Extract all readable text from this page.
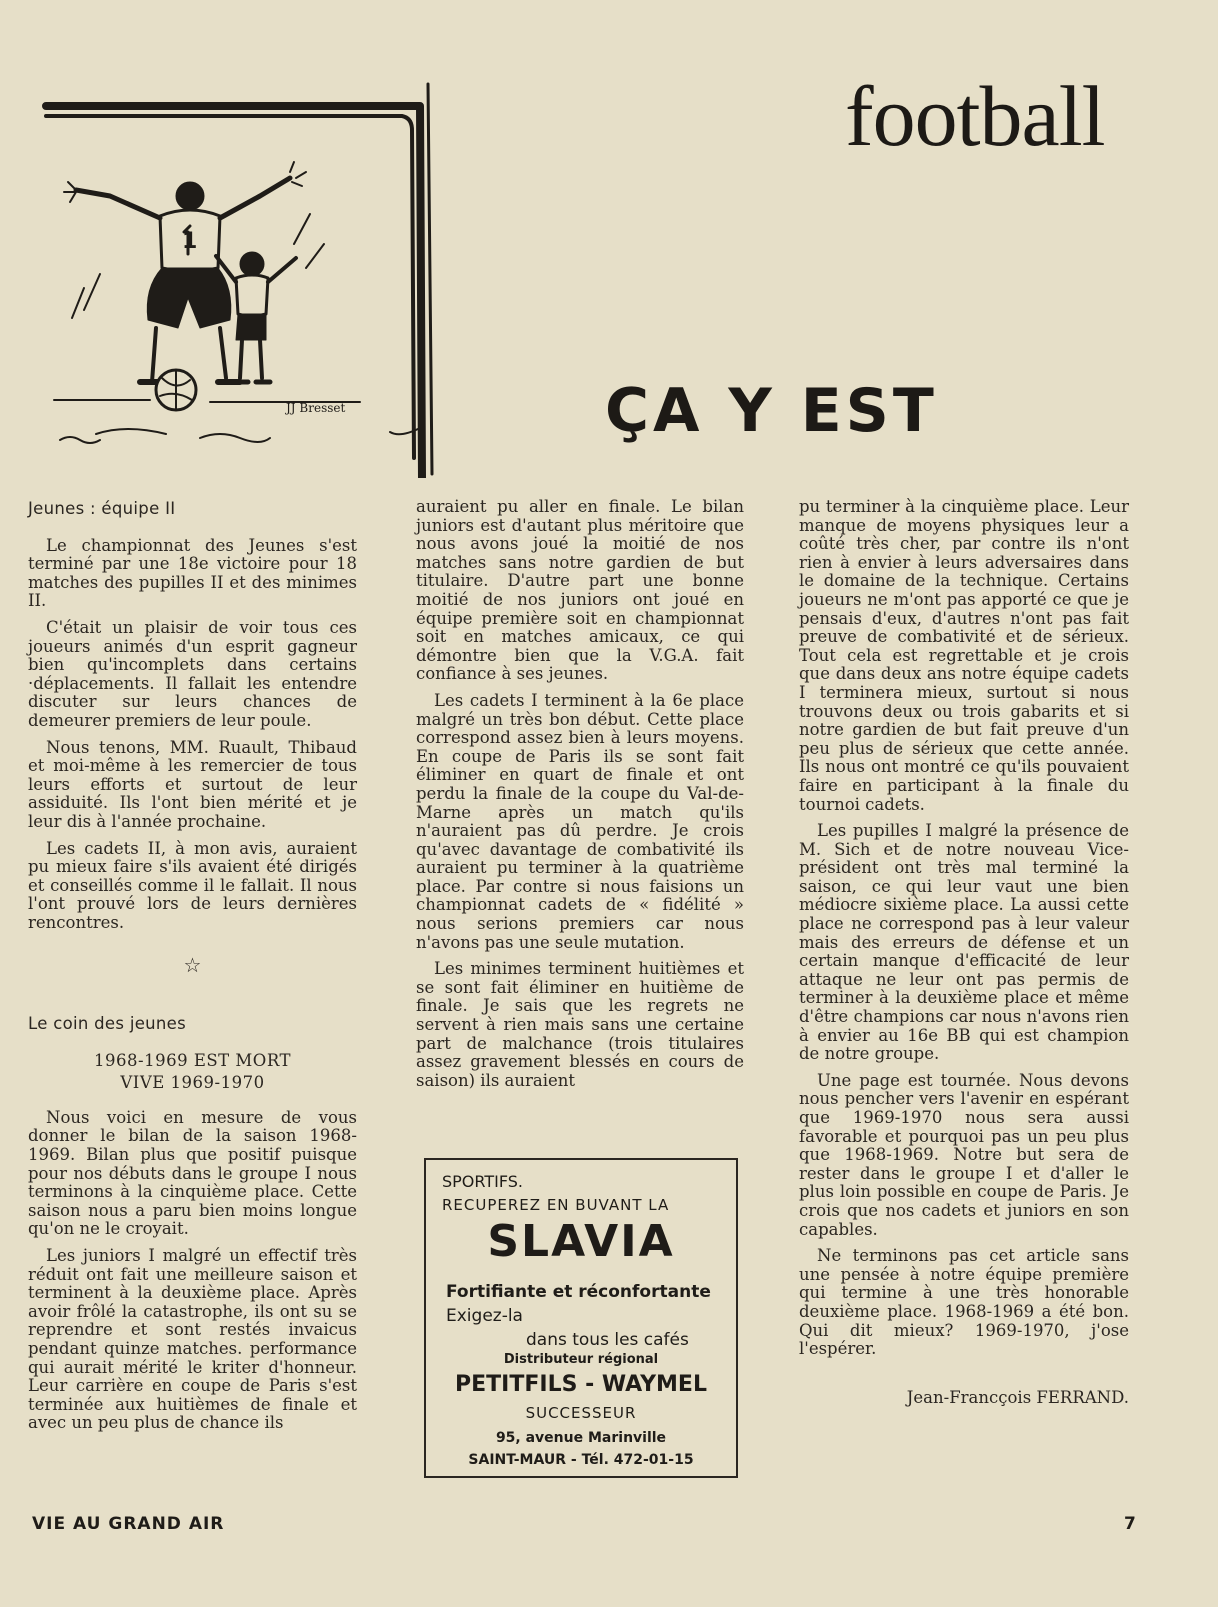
football
ÇA Y EST
JJ Bresset
1
Jeunes : équipe II

Le championnat des Jeunes s'est terminé par une 18e victoire pour 18 matches des pupilles II et des minimes II.

C'était un plaisir de voir tous ces joueurs animés d'un esprit gagneur bien qu'incomplets dans certains ·déplacements. Il fallait les entendre discuter sur leurs chances de demeurer premiers de leur poule.

Nous tenons, MM. Ruault, Thibaud et moi-même à les remercier de tous leurs efforts et surtout de leur assiduité. Ils l'ont bien mérité et je leur dis à l'année prochaine.

Les cadets II, à mon avis, auraient pu mieux faire s'ils avaient été dirigés et conseillés comme il le fallait. Il nous l'ont prouvé lors de leurs dernières rencontres.

☆
Le coin des jeunes

1968-1969 EST MORT

VIVE 1969-1970

Nous voici en mesure de vous donner le bilan de la saison 1968-1969. Bilan plus que positif puisque pour nos débuts dans le groupe I nous terminons à la cinquième place. Cette saison nous a paru bien moins longue qu'on ne le croyait.

Les juniors I malgré un effectif très réduit ont fait une meilleure saison et terminent à la deuxième place. Après avoir frôlé la catastrophe, ils ont su se reprendre et sont restés invaicus pendant quinze matches. performance qui aurait mérité le kriter d'honneur. Leur carrière en coupe de Paris s'est terminée aux huitièmes de finale et avec un peu plus de chance ils

auraient pu aller en finale. Le bilan juniors est d'autant plus méritoire que nous avons joué la moitié de nos matches sans notre gardien de but titulaire. D'autre part une bonne moitié de nos juniors ont joué en équipe première soit en championnat soit en matches amicaux, ce qui démontre bien que la V.G.A. fait confiance à ses jeunes.

Les cadets I terminent à la 6e place malgré un très bon début. Cette place correspond assez bien à leurs moyens. En coupe de Paris ils se sont fait éliminer en quart de finale et ont perdu la finale de la coupe du Val-de-Marne après un match qu'ils n'auraient pas dû perdre. Je crois qu'avec davantage de combativité ils auraient pu terminer à la quatrième place. Par contre si nous faisions un championnat cadets de « fidélité » nous serions premiers car nous n'avons pas une seule mutation.

Les minimes terminent huitièmes et se sont fait éliminer en huitième de finale. Je sais que les regrets ne servent à rien mais sans une certaine part de malchance (trois titulaires assez gravement blessés en cours de saison) ils auraient

pu terminer à la cinquième place. Leur manque de moyens physiques leur a coûté très cher, par contre ils n'ont rien à envier à leurs adversaires dans le domaine de la technique. Certains joueurs ne m'ont pas apporté ce que je pensais d'eux, d'autres n'ont pas fait preuve de combativité et de sérieux. Tout cela est regrettable et je crois que dans deux ans notre équipe cadets I terminera mieux, surtout si nous trouvons deux ou trois gabarits et si notre gardien de but fait preuve d'un peu plus de sérieux que cette année. Ils nous ont montré ce qu'ils pouvaient faire en participant à la finale du tournoi cadets.

Les pupilles I malgré la présence de M. Sich et de notre nouveau Vice-président ont très mal terminé la saison, ce qui leur vaut une bien médiocre sixième place. La aussi cette place ne correspond pas à leur valeur mais des erreurs de défense et un certain manque d'efficacité de leur attaque ne leur ont pas permis de terminer à la deuxième place et même d'être champions car nous n'avons rien à envier au 16e BB qui est champion de notre groupe.

Une page est tournée. Nous devons nous pencher vers l'avenir en espérant que 1969-1970 nous sera aussi favorable et pourquoi pas un peu plus que 1968-1969. Notre but sera de rester dans le groupe I et d'aller le plus loin possible en coupe de Paris. Je crois que nos cadets et juniors en son capables.

Ne terminons pas cet article sans une pensée à notre équipe première qui termine à une très honorable deuxième place. 1968-1969 a été bon. Qui dit mieux? 1969-1970, j'ose l'espérer.

Jean-Francçois FERRAND.

SPORTIFS.
RECUPEREZ EN BUVANT LA
SLAVIA
Fortifiante et réconfortante
Exigez-la
dans tous les cafés
Distributeur régional
PETITFILS - WAYMEL
SUCCESSEUR
95, avenue Marinville
SAINT-MAUR - Tél. 472-01-15
VIE AU GRAND AIR	7
